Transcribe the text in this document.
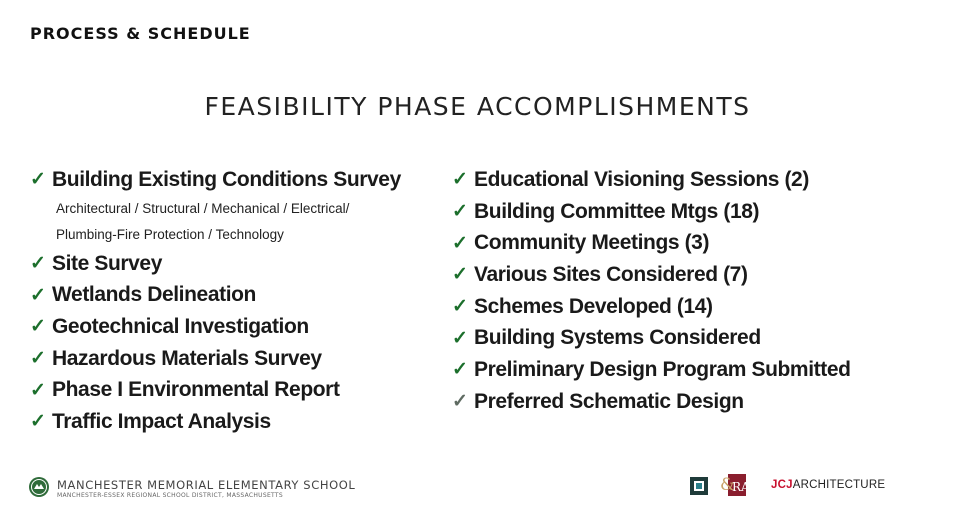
PROCESS & SCHEDULE
FEASIBILITY PHASE ACCOMPLISHMENTS
✓ Building Existing Conditions Survey
Architectural / Structural / Mechanical / Electrical/
Plumbing-Fire Protection / Technology
✓ Site Survey
✓ Wetlands Delineation
✓ Geotechnical Investigation
✓ Hazardous Materials Survey
✓ Phase I Environmental Report
✓ Traffic Impact Analysis
✓ Educational Visioning Sessions (2)
✓ Building Committee Mtgs (18)
✓ Community Meetings (3)
✓ Various Sites Considered (7)
✓ Schemes Developed (14)
✓ Building Systems Considered
✓ Preliminary Design Program Submitted
✓ Preferred Schematic Design
MANCHESTER MEMORIAL ELEMENTARY SCHOOL
MANCHESTER-ESSEX REGIONAL SCHOOL DISTRICT, MASSACHUSETTS
&
RA JCJARCHITECTURE
